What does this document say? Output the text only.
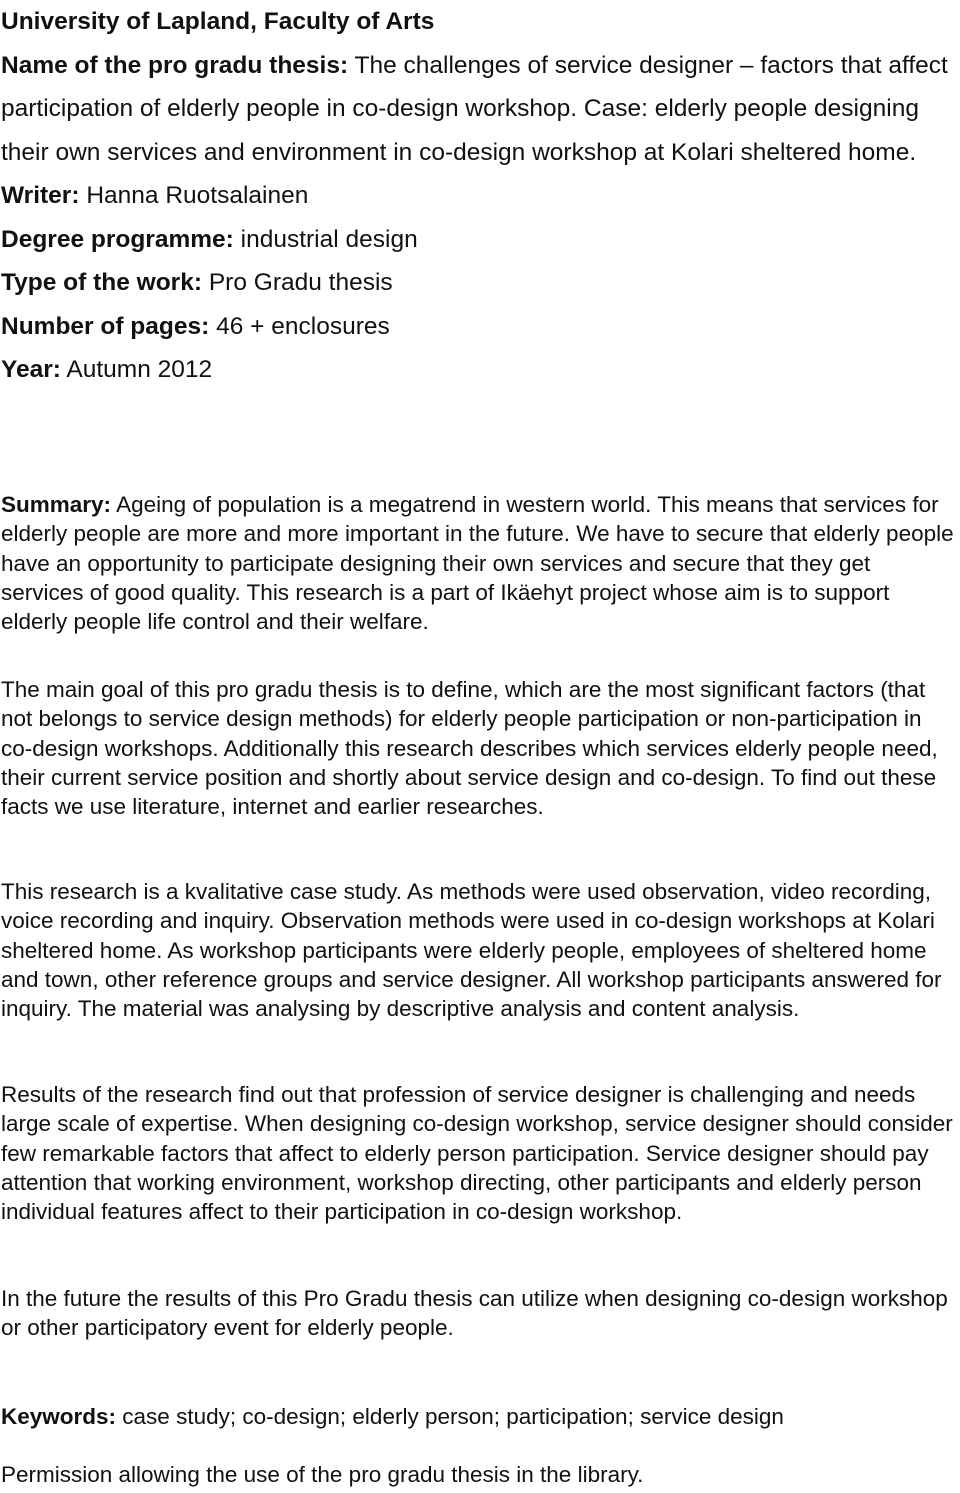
University of Lapland, Faculty of Arts

Name of the pro gradu thesis: The challenges of service designer – factors that affect participation of elderly people in co-design workshop. Case: elderly people designing their own services and environment in co-design workshop at Kolari sheltered home.

Writer: Hanna Ruotsalainen

Degree programme: industrial design

Type of the work: Pro Gradu thesis

Number of pages: 46 + enclosures

Year: Autumn 2012

Summary: Ageing of population is a megatrend in western world. This means that services for elderly people are more and more important in the future. We have to secure that elderly people have an opportunity to participate designing their own services and secure that they get services of good quality. This research is a part of Ikäehyt project whose aim is to support elderly people life control and their welfare.

The main goal of this pro gradu thesis is to define, which are the most significant factors (that not belongs to service design methods) for elderly people participation or non-participation in co-design workshops. Additionally this research describes which services elderly people need, their current service position and shortly about service design and co-design. To find out these facts we use literature, internet and earlier researches.

This research is a kvalitative case study. As methods were used observation, video recording, voice recording and inquiry. Observation methods were used in co-design workshops at Kolari sheltered home. As workshop participants were elderly people, employees of sheltered home and town, other reference groups and service designer. All workshop participants answered for inquiry. The material was analysing by descriptive analysis and content analysis.

Results of the research find out that profession of service designer is challenging and needs large scale of expertise. When designing co-design workshop, service designer should consider few remarkable factors that affect to elderly person participation. Service designer should pay attention that working environment, workshop directing, other participants and elderly person individual features affect to their participation in co-design workshop.

In the future the results of this Pro Gradu thesis can utilize when designing co-design workshop or other participatory event for elderly people.

Keywords: case study; co-design; elderly person; participation; service design

Permission allowing the use of the pro gradu thesis in the library.
